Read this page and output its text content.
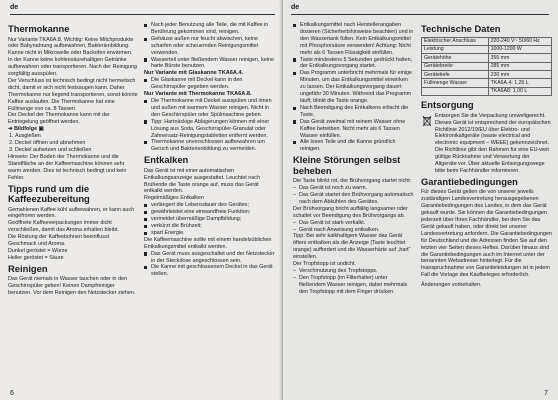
de
Thermokanne

Nur Variante TKA6A.8. Wichtig: Keine Milchprodukte oder Babynahrung aufbewahren, Bakterienbildung. Kanne nicht in Mikrowelle oder Backofen erwärmen. In der Kanne keine kohlensäurehaltigen Getränke aufbewahren oder transportieren. Nach der Reinigung sorgfältig ausspülen.

Der Verschluss ist technisch bedingt nicht hermetisch dicht, damit er sich nicht festsaugen kann. Daher Thermokanne nur liegend transportieren, sonst könnte Kaffee auslaufen. Die Thermokanne hat eine Füllmenge von ca. 8 Tassen.

Der Deckel der Thermokanne kann mit der Entriegelung geöffnet werden.

➔ Bildfolge ▣

1. Ausgießen
2. Deckel öffnen und abnehmen
3. Deckel aufsetzen und schließen

Hinweis: Der Boden der Thermokanne und die Standfläche an der Kaffeemaschine können sehr warm werden. Dies ist technisch bedingt und kein Fehler.

Tipps rund um die Kaffeezubereitung

Gemahlenen Kaffee kühl aufbewahren, er kann auch eingefroren werden.

Geöffnete Kaffeeverpackungen immer dicht verschließen, damit das Aroma erhalten bleibt.

Die Röstung der Kaffeebohnen beeinflusst Geschmack und Aroma.

Dunkel geröstet = Würze

Heller geröstet = Säure

Reinigen

Das Gerät niemals in Wasser tauchen oder in den Geschirrspüler geben! Keinen Dampfreiniger benutzen. Vor dem Reinigen den Netzstecker ziehen.

Nach jeder Benutzung alle Teile, die mit Kaffee in Berührung gekommen sind, reinigen.
Gehäuse außen nur feucht abwischen, keine scharfen oder scheuernden Reinigungsmittel verwenden.
Wasserteil unter fließendem Wasser reinigen, keine harte Bürste benutzen.
Nur Variante mit Glaskanne TKA6A.4.
Die Glaskanne mit Deckel kann in den Geschirrspüler gegeben werden.
Nur Variante mit Thermokanne TKA6A.8.
Die Thermokanne mit Deckel ausspülen und innen und außen mit warmem Wasser reinigen. Nicht in den Geschirrspüler oder Spülmaschine geben.
Tipp: Hartnäckige Ablagerungen können mit einer Lösung aus Soda, Geschirrspüler-Granulat oder Zahnersatz-Reinigungstabletten entfernt werden.
Thermokanne unverschlossen aufbewahren um Geruch und Bakterienbildung zu vermeiden.
Entkalken

Das Gerät ist mit einer automatischen Entkalkungsanzeige ausgestattet. Leuchtet nach Brühende die Taste orange auf, muss das Gerät entkalkt werden.

Regelmäßiges Entkalken

verlängert die Lebensdauer des Gerätes;
gewährleistet eine einwandfreie Funktion;
vermeidet übermäßige Dampfbildung;
verkürzt die Brühzeit;
spart Energie.

Die Kaffeemaschine sollte mit einem handelsüblichen Entkalkungsmittel entkalkt werden.

Das Gerät muss ausgeschaltet und der Netzstecker in der Steckdose angeschlossen sein.
Die Kanne mit geschlossenem Deckel in das Gerät stellen.
6
de
Entkalkungsmittel nach Herstellerangaben dosieren (Sicherheitshinweise beachten) und in den Wassertank füllen. Kein Entkalkungsmittel mit Phosphorsäure verwenden! Achtung: Nicht mehr als 6 Tassen Flüssigkeit einfüllen.
Taste mindestens 5 Sekunden gedrückt halten, der Entkalkungsvorgang startet.
Das Programm unterbricht mehrmals für einige Minuten, um das Entkalkungsmittel einwirken zu lassen. Der Entkalkungsvorgang dauert ungefähr 30 Minuten. Während das Programm läuft, blinkt die Taste orange.
Nach Beendigung des Entkalkens erlischt die Taste.
Das Gerät zweimal mit reinem Wasser ohne Kaffee betreiben. Nicht mehr als 6 Tassen Wasser einfüllen.
Alle losen Teile und die Kanne gründlich reinigen.
Kleine Störungen selbst beheben

Die Taste blinkt rot, der Brühvorgang startet nicht:

– Das Gerät ist noch zu warm.
– Das Gerät startet den Brühvorgang automatisch nach dem Abkühlen des Gerätes.

Der Brühvorgang bricht auffällig langsamer oder schaltet vor Beendigung des Brühvorgangs ab.

– Das Gerät ist stark verkalkt.
– Gerät nach Anweisung entkalken.

Tipp: Bei sehr kalkhaltigem Wasser das Gerät öfters entkalken als die Anzeige (Taste leuchtet orange) auffordert und die Wasserhärte auf „hart“ einstellen.

Der Tropfstopp ist undicht.

– Verschmutzung des Tropfstopps.
– Den Tropfstopp (im Filterhalter) unter fließendem Wasser reinigen, dabei mehrmals den Tropfstopp mit dem Finger drücken.
Technische Daten
Elektrischer Anschluss	220-240 V~ 50/60 Hz
Leistung	1000-1200 W
Gerätehöhe	355 mm
Gerätebreite	285 mm
Gerätetiefe	230 mm
Füllmenge Wasser	TKA6A.4: 1,25 L
	TKA6A8: 1,00 L
Entsorgung

Entsorgen Sie die Verpackung umweltgerecht. Dieses Gerät ist entsprechend der europäischen Richtlinie 2012/19/EU über Elektro- und Elektronikaltgeräte (waste electrical and electronic equipment – WEEE) gekennzeichnet. Die Richtlinie gibt den Rahmen für eine EU-weit gültige Rücknahme und Verwertung der Altgeräte vor. Über aktuelle Entsorgungswege bitte beim Fachhändler informieren.

Garantiebedingungen

Für dieses Gerät gelten die von unserer jeweils zuständigen Landesvertretung herausgegebenen Garantiebedingungen des Landes, in dem das Gerät gekauft wurde. Sie können die Garantiebedingungen jederzeit über Ihren Fachhändler, bei dem Sie das Gerät gekauft haben, oder direkt bei unserer Landesvertretung anfordern. Die Garantiebedingungen für Deutschland und die Adressen finden Sie auf den letzten vier Seiten dieses Heftes. Darüber hinaus sind die Garantiebedingungen auch im Internet unter der benannten Webadresse hinterlegt. Für die Inanspruchnahme von Garantieleistungen ist in jedem Fall die Vorlage des Kaufbeleges erforderlich.

Änderungen vorbehalten.

7
